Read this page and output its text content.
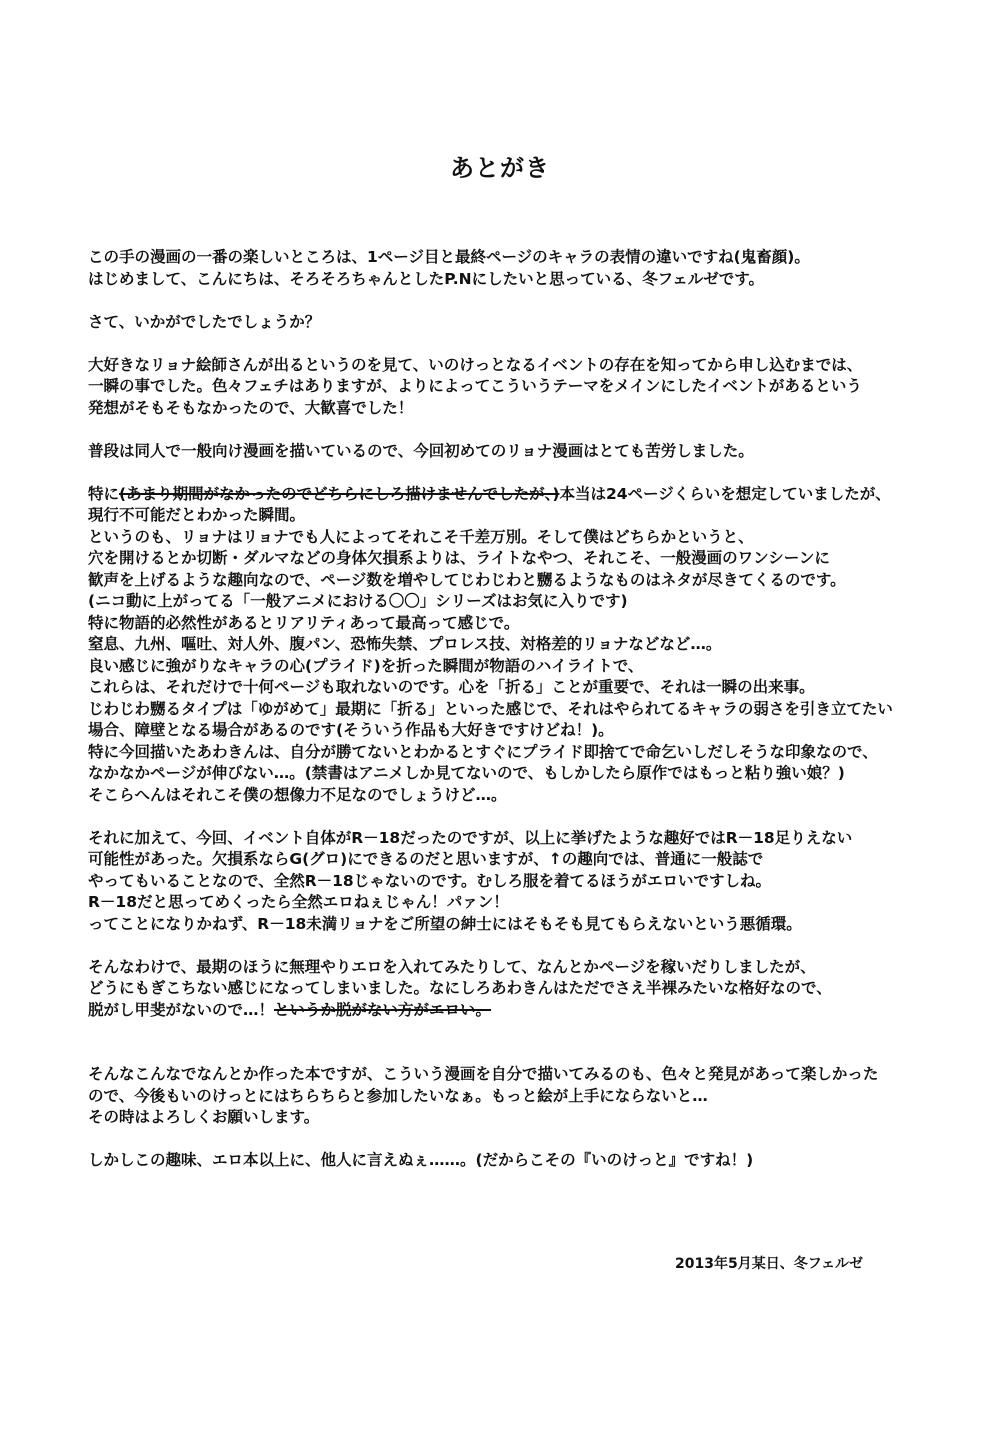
あとがき
この手の漫画の一番の楽しいところは、1ページ目と最終ページのキャラの表情の違いですね(鬼畜顔)。
はじめまして、こんにちは、そろそろちゃんとしたP.Nにしたいと思っている、冬フェルゼです。
さて、いかがでしたでしょうか？
大好きなリョナ絵師さんが出るというのを見て、いのけっとなるイベントの存在を知ってから申し込むまでは、
一瞬の事でした。色々フェチはありますが、よりによってこういうテーマをメインにしたイベントがあるという
発想がそもそもなかったので、大歓喜でした！
普段は同人で一般向け漫画を描いているので、今回初めてのリョナ漫画はとても苦労しました。
特に(あまり期間がなかったのでどちらにしろ描けませんでしたが、)本当は24ページくらいを想定していましたが、
現行不可能だとわかった瞬間。
というのも、リョナはリョナでも人によってそれこそ千差万別。そして僕はどちらかというと、
穴を開けるとか切断・ダルマなどの身体欠損系よりは、ライトなやつ、それこそ、一般漫画のワンシーンに
歓声を上げるような趣向なので、ページ数を増やしてじわじわと嬲るようなものはネタが尽きてくるのです。
(ニコ動に上がってる「一般アニメにおける〇〇」シリーズはお気に入りです)
特に物語的必然性があるとリアリティあって最高って感じで。
窒息、九州、嘔吐、対人外、腹パン、恐怖失禁、プロレス技、対格差的リョナなどなど…。
良い感じに強がりなキャラの心(プライド)を折った瞬間が物語のハイライトで、
これらは、それだけで十何ページも取れないのです。心を「折る」ことが重要で、それは一瞬の出来事。
じわじわ嬲るタイプは「ゆがめて」最期に「折る」といった感じで、それはやられてるキャラの弱さを引き立てたい
場合、障壁となる場合があるのです(そういう作品も大好きですけどね！)。
特に今回描いたあわきんは、自分が勝てないとわかるとすぐにプライド即捨てで命乞いしだしそうな印象なので、
なかなかページが伸びない…。(禁書はアニメしか見てないので、もしかしたら原作ではもっと粘り強い娘？)
そこらへんはそれこそ僕の想像力不足なのでしょうけど…。
それに加えて、今回、イベント自体がR－18だったのですが、以上に挙げたような趣好ではR－18足りえない
可能性があった。欠損系ならG(グロ)にできるのだと思いますが、↑の趣向では、普通に一般誌で
やってもいることなので、全然R－18じゃないのです。むしろ服を着てるほうがエロいですしね。
R－18だと思ってめくったら全然エロねぇじゃん！パァン！
ってことになりかねず、R－18未満リョナをご所望の紳士にはそもそも見てもらえないという悪循環。
そんなわけで、最期のほうに無理やりエロを入れてみたりして、なんとかページを稼いだりしましたが、
どうにもぎこちない感じになってしまいました。なにしろあわきんはただでさえ半裸みたいな格好なので、
脱がし甲斐がないので…！というか脱がない方がエロい。
そんなこんなでなんとか作った本ですが、こういう漫画を自分で描いてみるのも、色々と発見があって楽しかった
ので、今後もいのけっとにはちらちらと参加したいなぁ。もっと絵が上手にならないと…
その時はよろしくお願いします。
しかしこの趣味、エロ本以上に、他人に言えぬぇ……。(だからこその『いのけっと』ですね！)
2013年5月某日、冬フェルゼ
